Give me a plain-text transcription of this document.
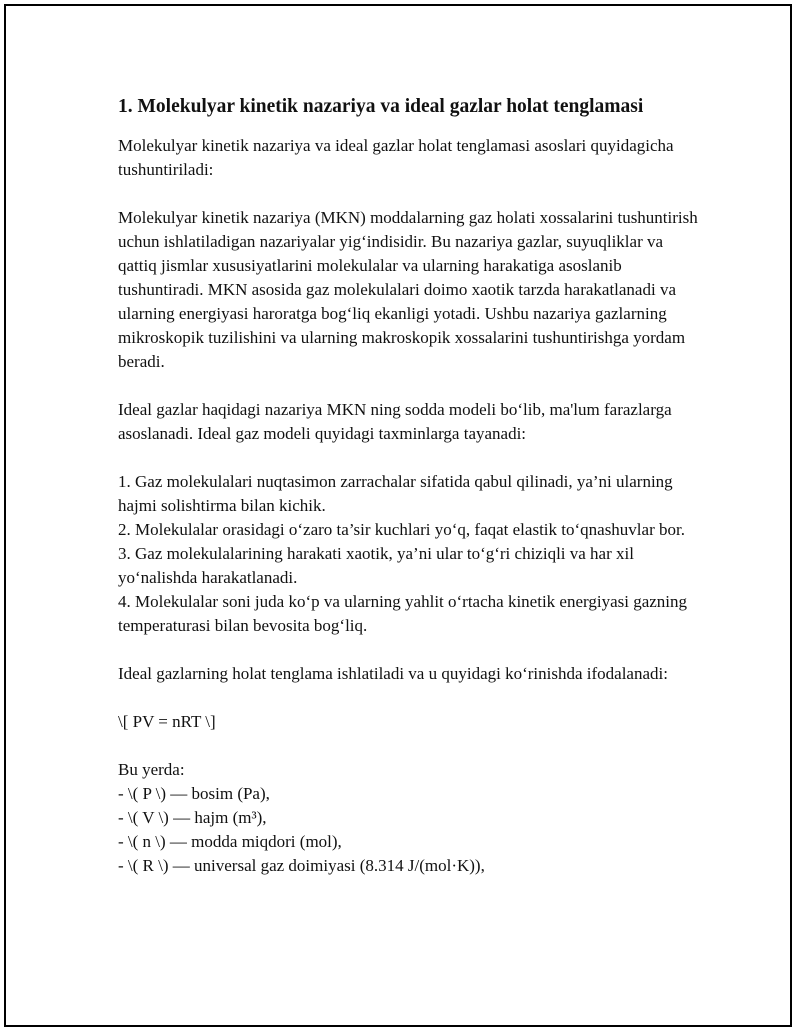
1. Molekulyar kinetik nazariya va ideal gazlar holat tenglamasi

Molekulyar kinetik nazariya va ideal gazlar holat tenglamasi asoslari quyidagicha tushuntiriladi:

Molekulyar kinetik nazariya (MKN) moddalarning gaz holati xossalarini tushuntirish uchun ishlatiladigan nazariyalar yig‘indisidir. Bu nazariya gazlar, suyuqliklar va qattiq jismlar xususiyatlarini molekulalar va ularning harakatiga asoslanib tushuntiradi. MKN asosida gaz molekulalari doimo xaotik tarzda harakatlanadi va ularning energiyasi haroratga bog‘liq ekanligi yotadi. Ushbu nazariya gazlarning mikroskopik tuzilishini va ularning makroskopik xossalarini tushuntirishga yordam beradi.

Ideal gazlar haqidagi nazariya MKN ning sodda modeli bo‘lib, ma'lum farazlarga asoslanadi. Ideal gaz modeli quyidagi taxminlarga tayanadi:

1. Gaz molekulalari nuqtasimon zarrachalar sifatida qabul qilinadi, ya’ni ularning hajmi solishtirma bilan kichik.
2. Molekulalar orasidagi o‘zaro ta’sir kuchlari yo‘q, faqat elastik to‘qnashuvlar bor.
3. Gaz molekulalarining harakati xaotik, ya’ni ular to‘g‘ri chiziqli va har xil yo‘nalishda harakatlanadi.
4. Molekulalar soni juda ko‘p va ularning yahlit o‘rtacha kinetik energiyasi gazning temperaturasi bilan bevosita bog‘liq.

Ideal gazlarning holat tenglama ishlatiladi va u quyidagi ko‘rinishda ifodalanadi:

\[ PV = nRT \]

Bu yerda:
- \( P \) — bosim (Pa),
- \( V \) — hajm (m³),
- \( n \) — modda miqdori (mol),
- \( R \) — universal gaz doimiyasi (8.314 J/(mol·K)),
